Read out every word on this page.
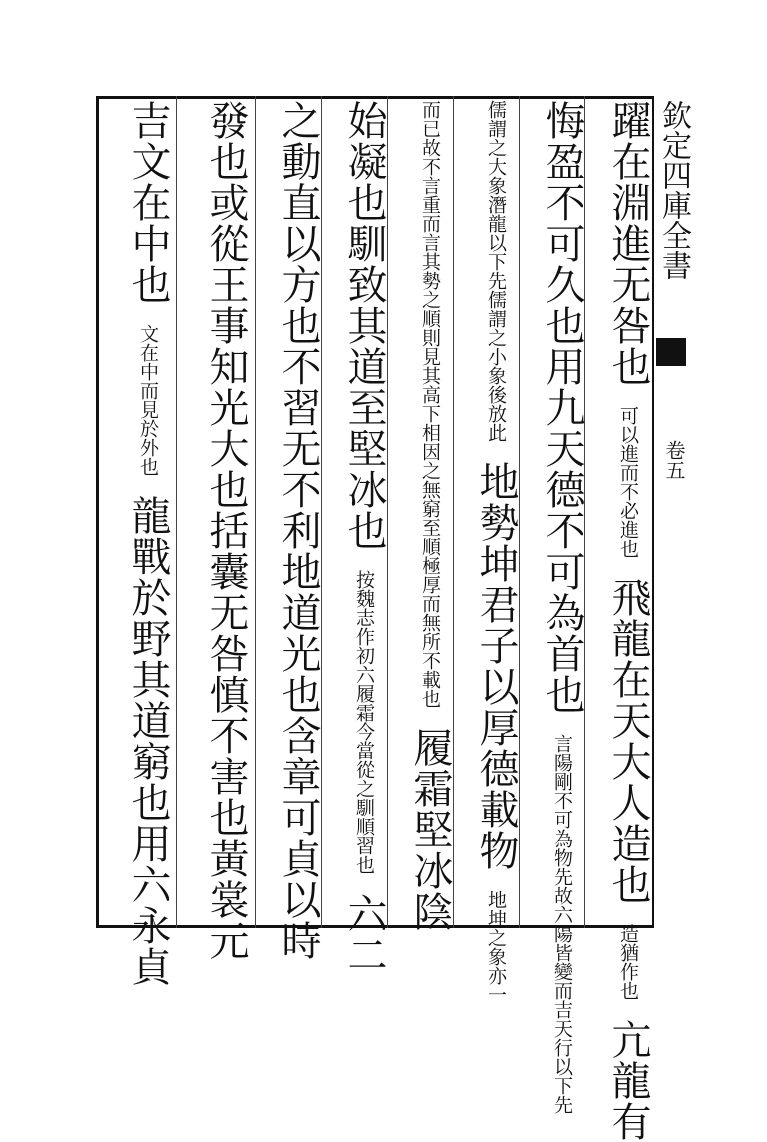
欽定四庫全書
卷五
躍在淵進无咎也 可以進而不必進也 飛龍在天大人造也 造猶作也 亢龍有
悔盈不可久也用九天德不可為首也 言陽剛不可為物先故六陽皆變而吉天行以下先
儒謂之大象潛龍以下先儒謂之小象後放此 地勢坤君子以厚德載物 地坤之象亦一
而已故不言重而言其勢之順則見其高下相因之無窮至順極厚而無所不載也 履霜堅冰陰
始凝也馴致其道至堅冰也 按魏志作初六履霜今當從之馴順習也 六二
之動直以方也不習无不利地道光也含章可貞以時
發也或從王事知光大也括囊无咎慎不害也黃裳元
吉文在中也 文在中而見於外也 龍戰於野其道窮也用六永貞
